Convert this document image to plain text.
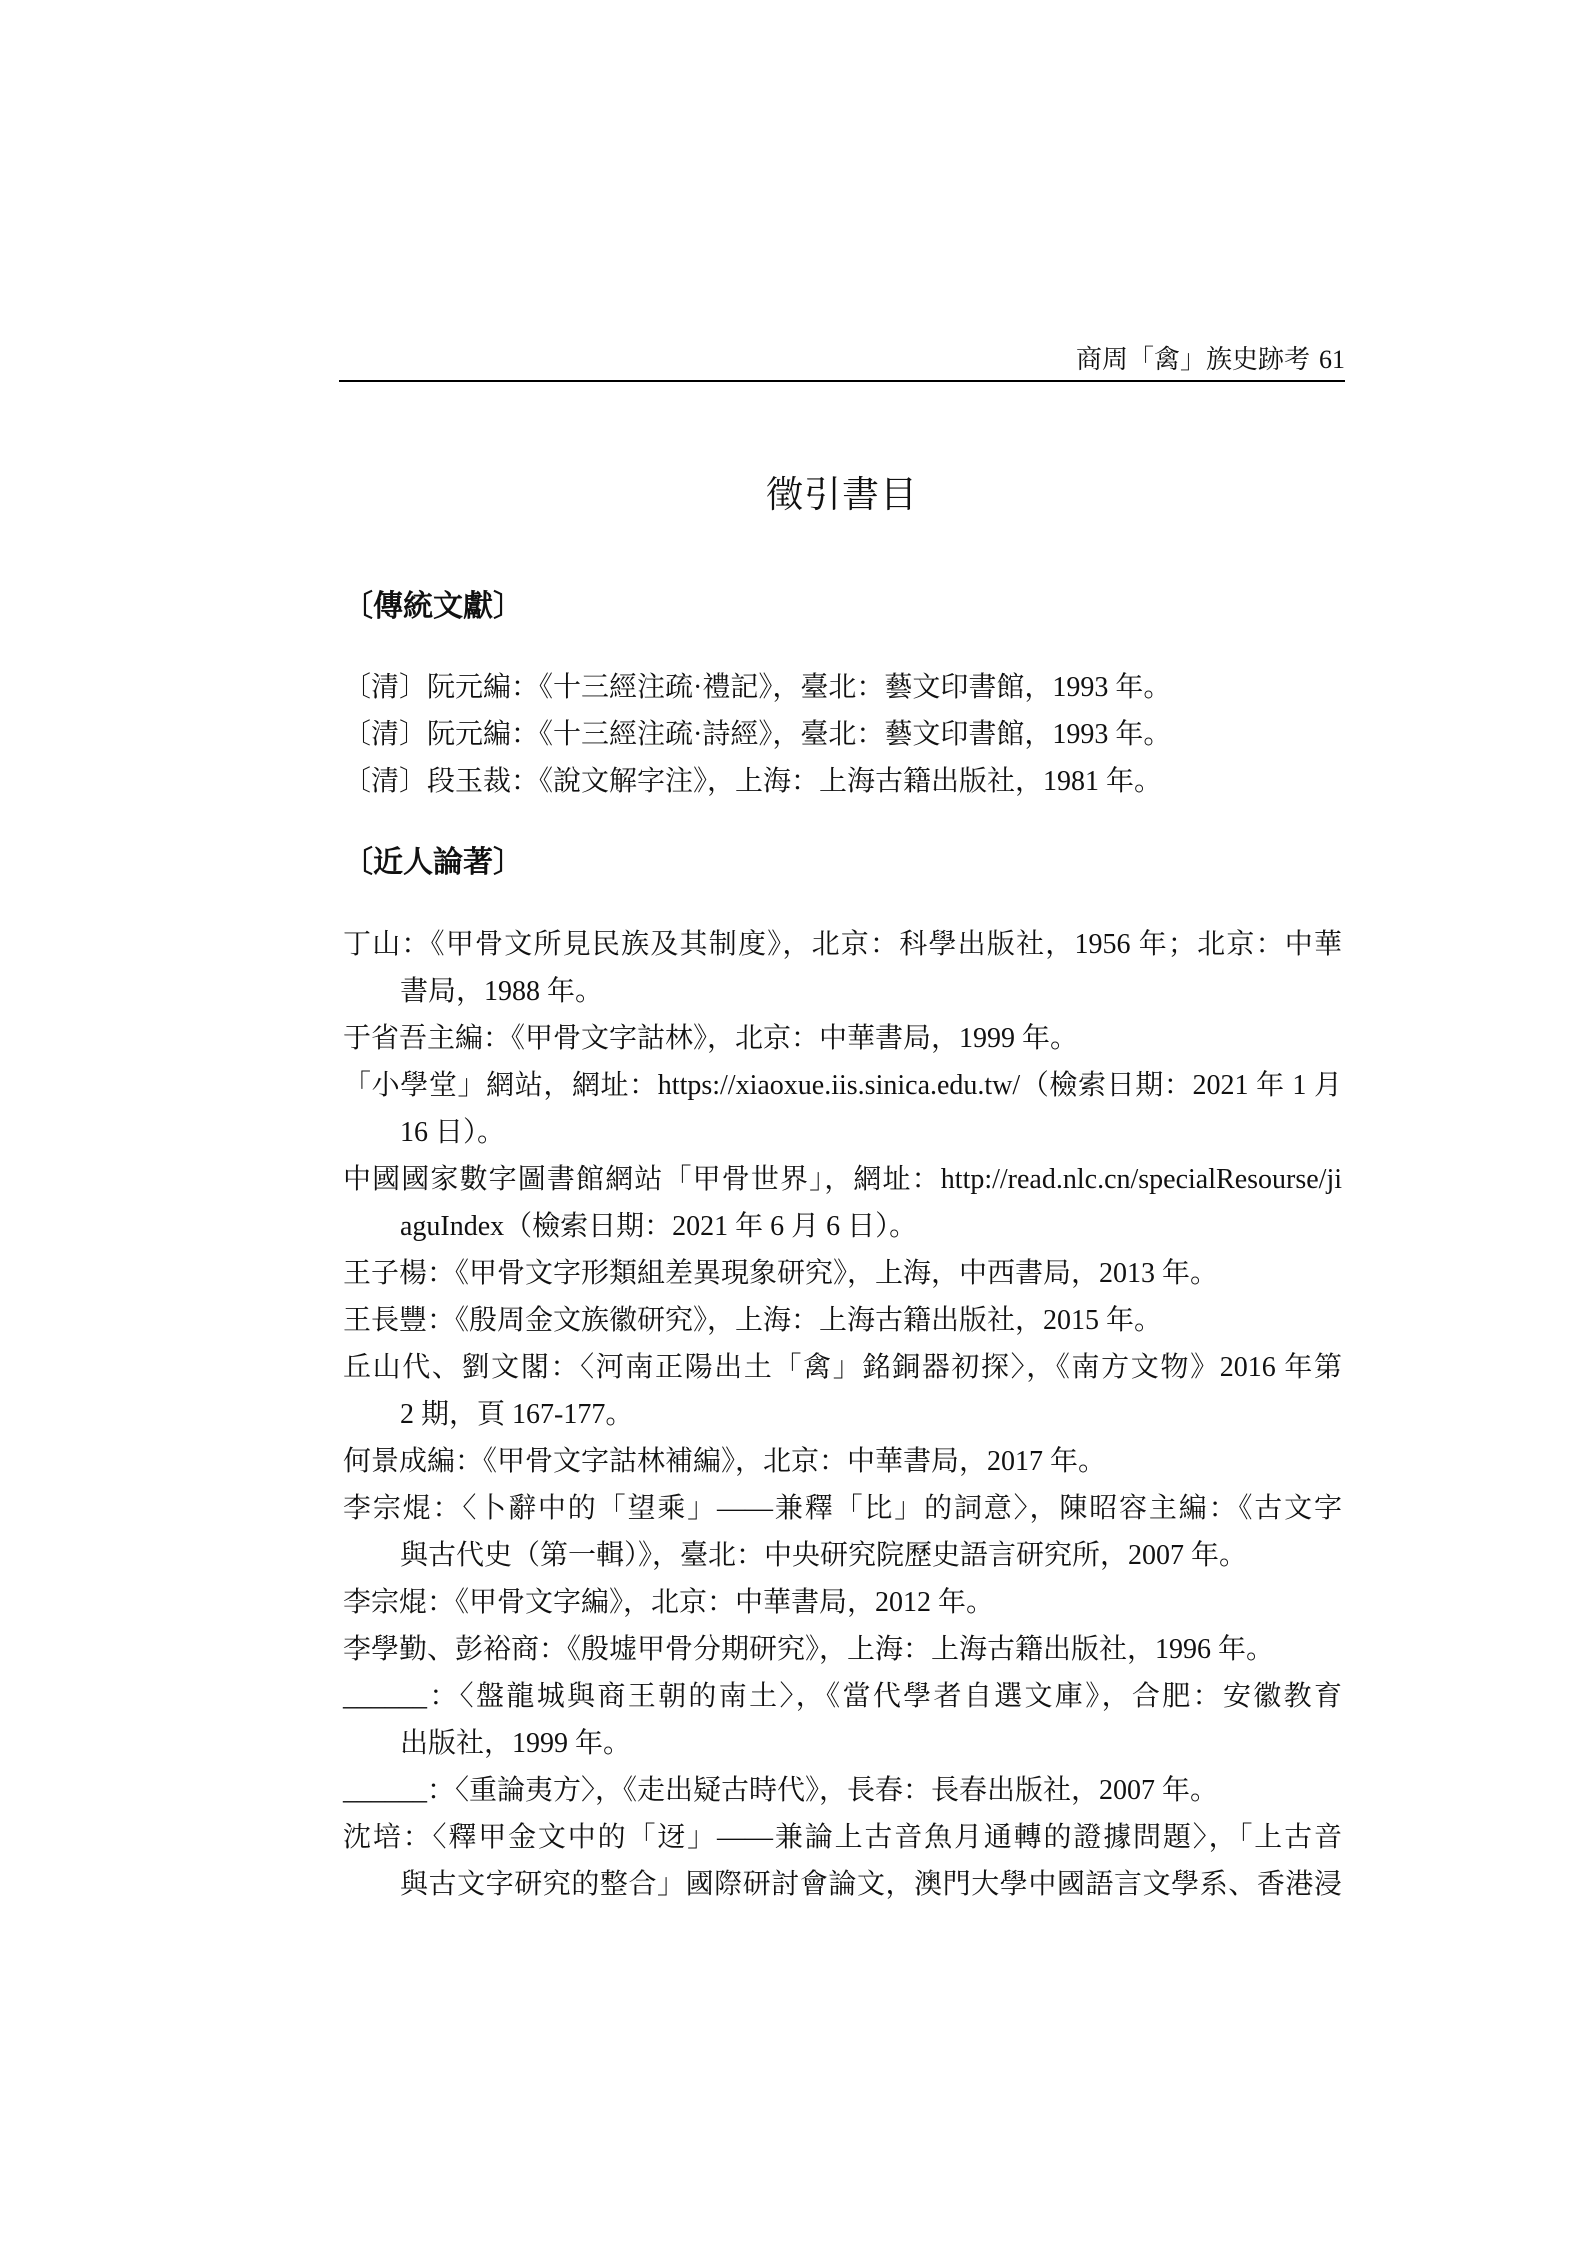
商周「禽」族史跡考 61
徵引書目
〔傳統文獻〕
〔清〕阮元編：《十三經注疏·禮記》，臺北：藝文印書館，1993 年。
〔清〕阮元編：《十三經注疏·詩經》，臺北：藝文印書館，1993 年。
〔清〕段玉裁：《說文解字注》，上海：上海古籍出版社，1981 年。
〔近人論著〕
丁山：《甲骨文所見民族及其制度》，北京：科學出版社，1956 年；北京：中華
書局，1988 年。
于省吾主編：《甲骨文字詁林》，北京：中華書局，1999 年。
「小學堂」網站，網址：https://xiaoxue.iis.sinica.edu.tw/（檢索日期：2021 年 1 月
16 日）。
中國國家數字圖書館網站「甲骨世界」，網址：http://read.nlc.cn/specialResourse/ji
aguIndex（檢索日期：2021 年 6 月 6 日）。
王子楊：《甲骨文字形類組差異現象研究》，上海，中西書局，2013 年。
王長豐：《殷周金文族徽研究》，上海：上海古籍出版社，2015 年。
丘山代、劉文閣：〈河南正陽出土「禽」銘銅器初探〉，《南方文物》2016 年第
2 期，頁 167-177。
何景成編：《甲骨文字詁林補編》，北京：中華書局，2017 年。
李宗焜：〈卜辭中的「望乘」——兼釋「比」的詞意〉，陳昭容主編：《古文字
與古代史（第一輯）》，臺北：中央研究院歷史語言研究所，2007 年。
李宗焜：《甲骨文字編》，北京：中華書局，2012 年。
李學勤、彭裕商：《殷墟甲骨分期研究》，上海：上海古籍出版社，1996 年。
______：〈盤龍城與商王朝的南土〉，《當代學者自選文庫》，合肥：安徽教育
出版社，1999 年。
______：〈重論夷方〉，《走出疑古時代》，長春：長春出版社，2007 年。
沈培：〈釋甲金文中的「迓」——兼論上古音魚月通轉的證據問題〉，「上古音
與古文字研究的整合」國際研討會論文，澳門大學中國語言文學系、香港浸
